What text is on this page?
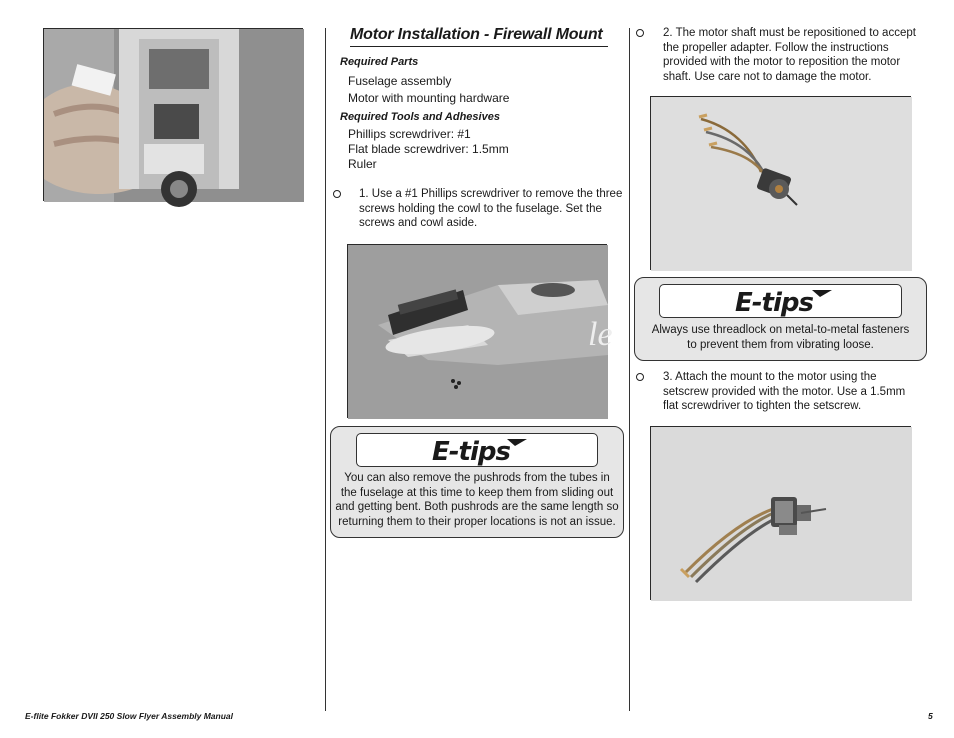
Motor Installation - Firewall Mount
Required Parts
Fuselage assembly
Motor with mounting hardware
Required Tools and Adhesives
Phillips screwdriver: #1
Flat blade screwdriver: 1.5mm
Ruler
1. Use a #1 Phillips screwdriver to remove the three
screws holding the cowl to the fuselage. Set the
screws and cowl aside.
le
E-tips
You can also remove the pushrods from the tubes in
the fuselage at this time to keep them from sliding out
and getting bent. Both pushrods are the same length so
returning them to their proper locations is not an issue.
2. The motor shaft must be repositioned to accept
the propeller adapter. Follow the instructions
provided with the motor to reposition the motor
shaft. Use care not to damage the motor.
E-tips
Always use threadlock on metal-to-metal fasteners
to prevent them from vibrating loose.
3. Attach the mount to the motor using the
setscrew provided with the motor. Use a 1.5mm
flat screwdriver to tighten the setscrew.
E-flite Fokker DVII 250 Slow Flyer Assembly Manual	5
